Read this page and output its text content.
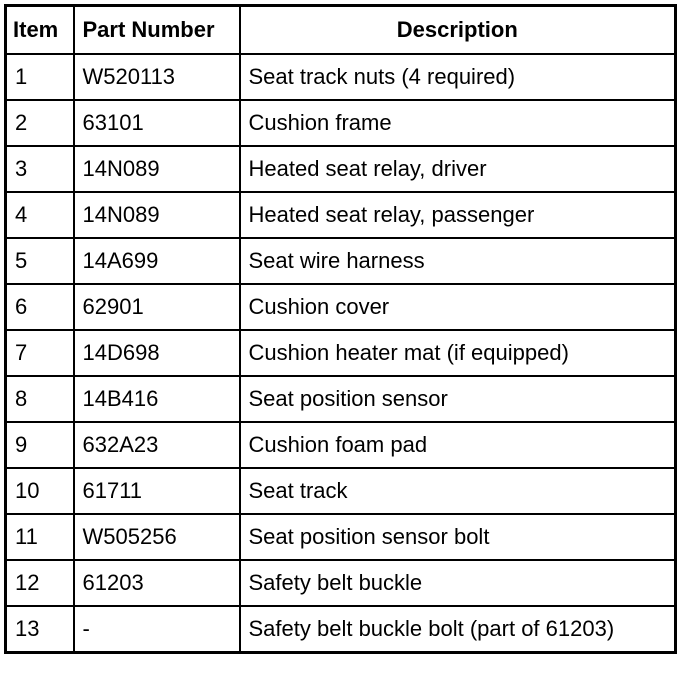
Item	Part Number	Description
1	W520113	Seat track nuts (4 required)
2	63101	Cushion frame
3	14N089	Heated seat relay, driver
4	14N089	Heated seat relay, passenger
5	14A699	Seat wire harness
6	62901	Cushion cover
7	14D698	Cushion heater mat (if equipped)
8	14B416	Seat position sensor
9	632A23	Cushion foam pad
10	61711	Seat track
11	W505256	Seat position sensor bolt
12	61203	Safety belt buckle
13	-	Safety belt buckle bolt (part of 61203)
